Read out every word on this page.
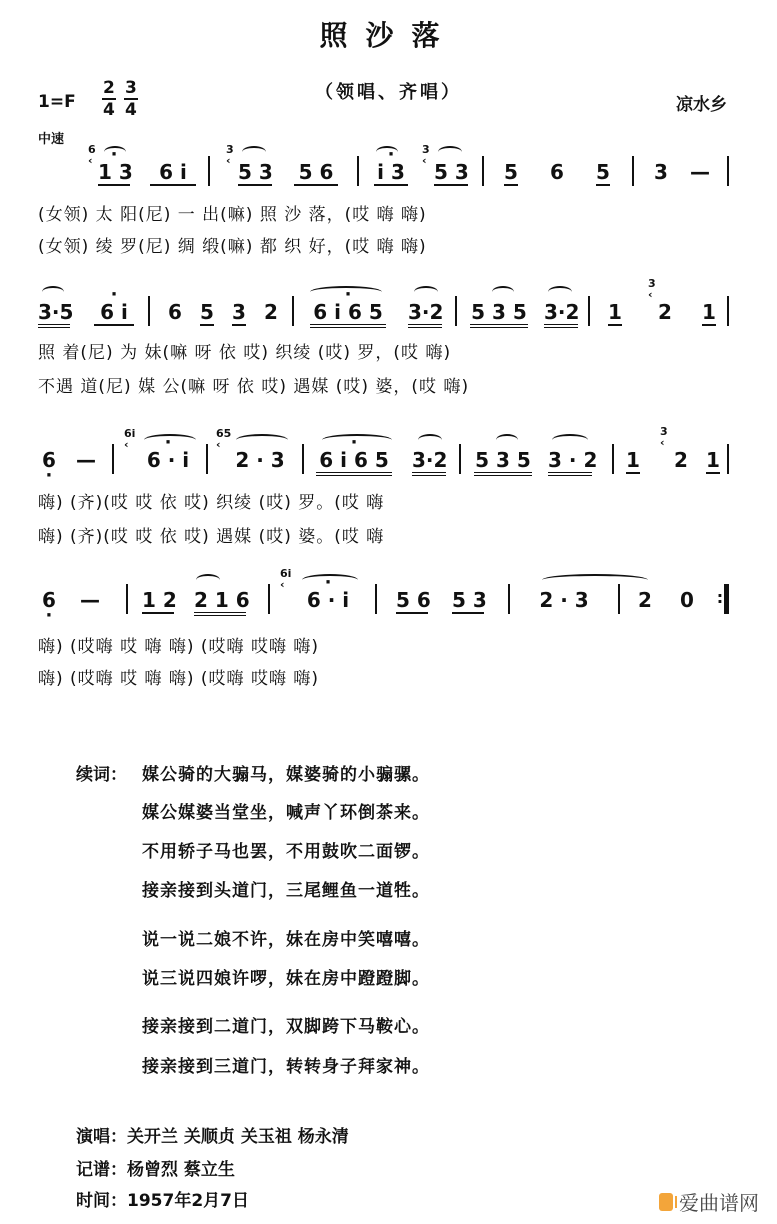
照沙落
1=F
2
4
3
4
（领唱、齐唱）
凉水乡
中速
6
‹ · 1 3	6 i
3
‹ 5 3 5 6 · i 3
3
‹ 5 3 5 6 5 3 —
(女领) 太 阳(尼) 一 出(嘛) 照 沙 落，(哎 嗨 嗨)
(女领) 绫 罗(尼) 绸 缎(嘛) 都 织 好，(哎 嗨 嗨)
3·5	· 6 i	6 5 3 2 · 6 i 6 5 3·2 5 3 5 3·2 1
3
‹
2 1
照 着(尼) 为 妹(嘛 呀 依 哎) 织绫 (哎) 罗，(哎 嗨)
不遇 道(尼) 媒 公(嘛 呀 依 哎) 遇媒 (哎) 婆，(哎 嗨)
6 · —
6i
‹
· 6 · i
65
‹
2 · 3 · 6 i 6 5 3·2 5 3 5 3 · 2 1
3
‹
2 1
嗨) (齐)(哎 哎 依 哎) 织绫 (哎) 罗。(哎 嗨
嗨) (齐)(哎 哎 依 哎) 遇媒 (哎) 婆。(哎 嗨
6 · — 1 2 2 1 6
6i
‹
· 6 · i	5 6 5 3	2 · 3 2 0 :
嗨) (哎嗨 哎 嗨 嗨) (哎嗨 哎嗨 嗨)
嗨) (哎嗨 哎 嗨 嗨) (哎嗨 哎嗨 嗨)
续词： 媒公骑的大骟马，媒婆骑的小骟骡。
媒公媒婆当堂坐，喊声丫环倒茶来。
不用轿子马也罢，不用鼓吹二面锣。
接亲接到头道门，三尾鲤鱼一道牲。
说一说二娘不许，妹在房中笑嘻嘻。
说三说四娘许啰，妹在房中蹬蹬脚。
接亲接到二道门，双脚跨下马鞍心。
接亲接到三道门，转转身子拜家神。
演唱：关开兰 关顺贞 关玉祖 杨永清
记谱：杨曾烈 蔡立生
时间：1957年2月7日	爱曲谱网
